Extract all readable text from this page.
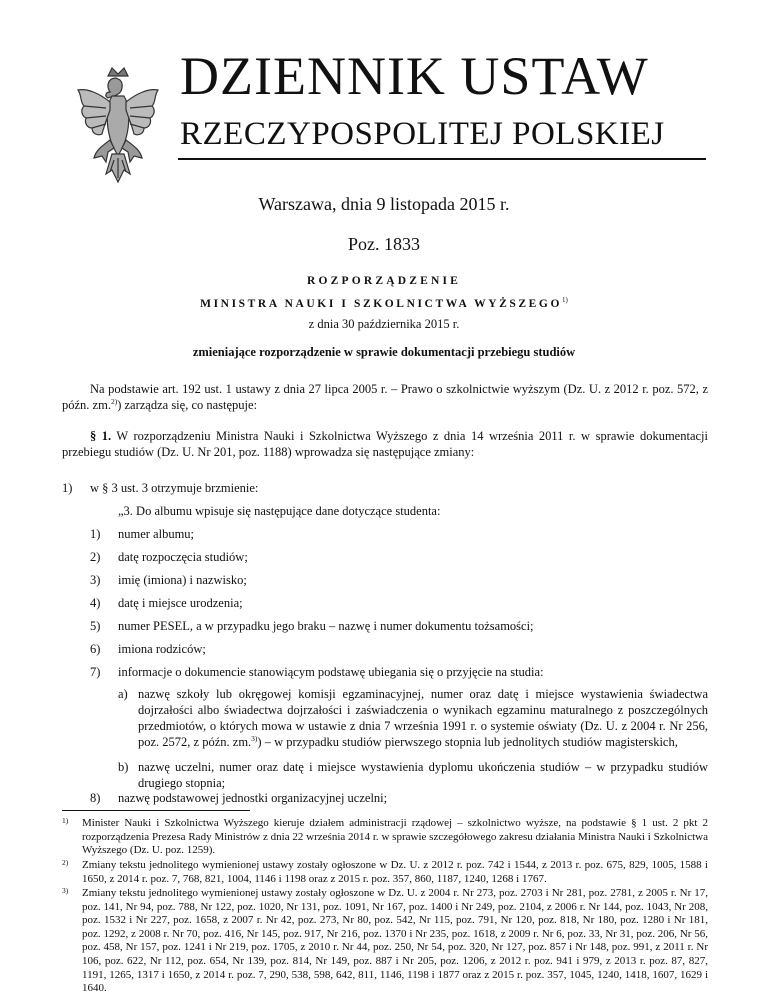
DZIENNIK USTAW
RZECZYPOSPOLITEJ POLSKIEJ
Warszawa, dnia 9 listopada 2015 r.
Poz. 1833
ROZPORZĄDZENIE
MINISTRA NAUKI I SZKOLNICTWA WYŻSZEGO$^{1)}$
z dnia 30 października 2015 r.
zmieniające rozporządzenie w sprawie dokumentacji przebiegu studiów
Na podstawie art. 192 ust. 1 ustawy z dnia 27 lipca 2005 r. – Prawo o szkolnictwie wyższym (Dz. U. z 2012 r. poz. 572, z późn. zm.$^{2)}$) zarządza się, co następuje:
§ 1. W rozporządzeniu Ministra Nauki i Szkolnictwa Wyższego z dnia 14 września 2011 r. w sprawie dokumentacji przebiegu studiów (Dz. U. Nr 201, poz. 1188) wprowadza się następujące zmiany:
1) w § 3 ust. 3 otrzymuje brzmienie:
„3. Do albumu wpisuje się następujące dane dotyczące studenta:
1) numer albumu;
2) datę rozpoczęcia studiów;
3) imię (imiona) i nazwisko;
4) datę i miejsce urodzenia;
5) numer PESEL, a w przypadku jego braku – nazwę i numer dokumentu tożsamości;
6) imiona rodziców;
7) informacje o dokumencie stanowiącym podstawę ubiegania się o przyjęcie na studia:
a) nazwę szkoły lub okręgowej komisji egzaminacyjnej, numer oraz datę i miejsce wystawienia świadectwa dojrzałości albo świadectwa dojrzałości i zaświadczenia o wynikach egzaminu maturalnego z poszczególnych przedmiotów, o których mowa w ustawie z dnia 7 września 1991 r. o systemie oświaty (Dz. U. z 2004 r. Nr 256, poz. 2572, z późn. zm.$^{3)}$) – w przypadku studiów pierwszego stopnia lub jednolitych studiów magisterskich,
b) nazwę uczelni, numer oraz datę i miejsce wystawienia dyplomu ukończenia studiów – w przypadku studiów drugiego stopnia;
8) nazwę podstawowej jednostki organizacyjnej uczelni;
1) Minister Nauki i Szkolnictwa Wyższego kieruje działem administracji rządowej – szkolnictwo wyższe, na podstawie § 1 ust. 2 pkt 2 rozporządzenia Prezesa Rady Ministrów z dnia 22 września 2014 r. w sprawie szczegółowego zakresu działania Ministra Nauki i Szkolnictwa Wyższego (Dz. U. poz. 1259).
2) Zmiany tekstu jednolitego wymienionej ustawy zostały ogłoszone w Dz. U. z 2012 r. poz. 742 i 1544, z 2013 r. poz. 675, 829, 1005, 1588 i 1650, z 2014 r. poz. 7, 768, 821, 1004, 1146 i 1198 oraz z 2015 r. poz. 357, 860, 1187, 1240, 1268 i 1767.
3) Zmiany tekstu jednolitego wymienionej ustawy zostały ogłoszone w Dz. U. z 2004 r. Nr 273, poz. 2703 i Nr 281, poz. 2781, z 2005 r. Nr 17, poz. 141, Nr 94, poz. 788, Nr 122, poz. 1020, Nr 131, poz. 1091, Nr 167, poz. 1400 i Nr 249, poz. 2104, z 2006 r. Nr 144, poz. 1043, Nr 208, poz. 1532 i Nr 227, poz. 1658, z 2007 r. Nr 42, poz. 273, Nr 80, poz. 542, Nr 115, poz. 791, Nr 120, poz. 818, Nr 180, poz. 1280 i Nr 181, poz. 1292, z 2008 r. Nr 70, poz. 416, Nr 145, poz. 917, Nr 216, poz. 1370 i Nr 235, poz. 1618, z 2009 r. Nr 6, poz. 33, Nr 31, poz. 206, Nr 56, poz. 458, Nr 157, poz. 1241 i Nr 219, poz. 1705, z 2010 r. Nr 44, poz. 250, Nr 54, poz. 320, Nr 127, poz. 857 i Nr 148, poz. 991, z 2011 r. Nr 106, poz. 622, Nr 112, poz. 654, Nr 139, poz. 814, Nr 149, poz. 887 i Nr 205, poz. 1206, z 2012 r. poz. 941 i 979, z 2013 r. poz. 87, 827, 1191, 1265, 1317 i 1650, z 2014 r. poz. 7, 290, 538, 598, 642, 811, 1146, 1198 i 1877 oraz z 2015 r. poz. 357, 1045, 1240, 1418, 1607, 1629 i 1640.
